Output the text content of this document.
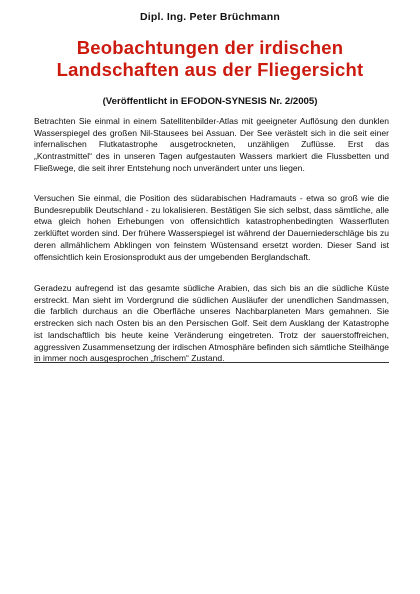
Dipl. Ing. Peter Brüchmann
Beobachtungen der irdischen Landschaften aus der Fliegersicht
(Veröffentlicht in EFODON-SYNESIS Nr. 2/2005)

Betrachten Sie einmal in einem Satellitenbilder-Atlas mit geeigneter Auflösung den dunklen Wasserspiegel des großen Nil-Stausees bei Assuan. Der See verästelt sich in die seit einer infernalischen Flutkatastrophe ausgetrockneten, unzähligen Zuflüsse. Erst das „Kontrastmittel“ des in unseren Tagen aufgestauten Wassers markiert die Flussbetten und Fließwege, die seit ihrer Entstehung noch unverändert unter uns liegen.

Versuchen Sie einmal, die Position des südarabischen Hadramauts - etwa so groß wie die Bundesrepublik Deutschland - zu lokalisieren. Bestätigen Sie sich selbst, dass sämtliche, alle etwa gleich hohen Erhebungen von offensichtlich katastrophenbedingten Wasserfluten zerklüftet worden sind. Der frühere Wasserspiegel ist während der Dauerniederschläge bis zu deren allmählichem Abklingen von feinstem Wüstensand ersetzt worden. Dieser Sand ist offensichtlich kein Erosionsprodukt aus der umgebenden Berglandschaft.

Geradezu aufregend ist das gesamte südliche Arabien, das sich bis an die südliche Küste erstreckt. Man sieht im Vordergrund die südlichen Ausläufer der unendlichen Sandmassen, die farblich durchaus an die Oberfläche unseres Nachbarplaneten Mars gemahnen. Sie erstrecken sich nach Osten bis an den Persischen Golf. Seit dem Ausklang der Katastrophe ist landschaftlich bis heute keine Veränderung eingetreten. Trotz der sauerstoffreichen, aggressiven Zusammensetzung der irdischen Atmosphäre befinden sich sämtliche Steilhänge in immer noch ausgesprochen „frischem“ Zustand.
